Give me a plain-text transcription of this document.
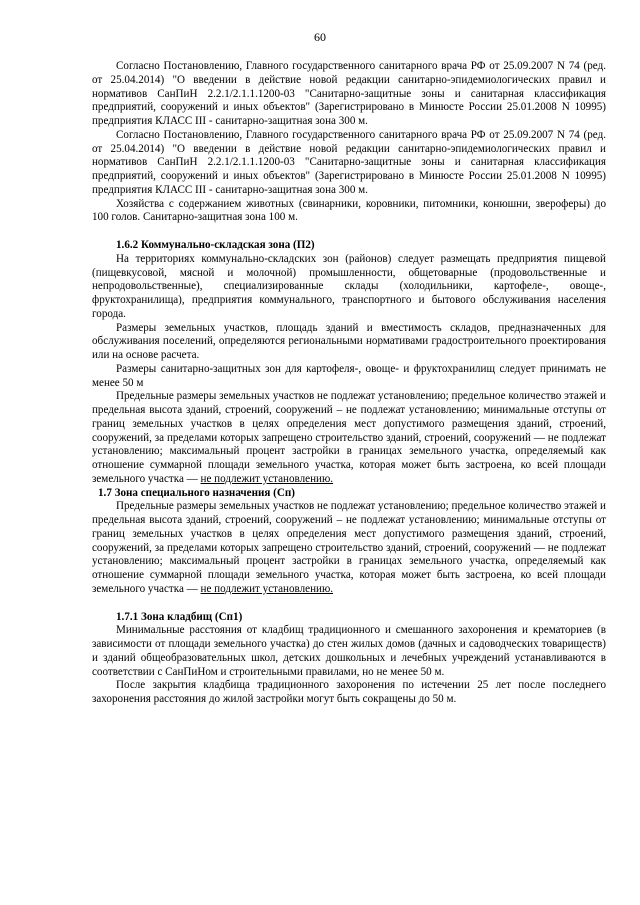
60

Согласно Постановлению, Главного государственного санитарного врача РФ от 25.09.2007 N 74 (ред. от 25.04.2014) "О введении в действие новой редакции санитарно-эпидемиологических правил и нормативов СанПиН 2.2.1/2.1.1.1200-03 "Санитарно-защитные зоны и санитарная классификация предприятий, сооружений и иных объектов" (Зарегистрировано в Минюсте России 25.01.2008 N 10995) предприятия КЛАСС III - санитарно-защитная зона 300 м.

Согласно Постановлению, Главного государственного санитарного врача РФ от 25.09.2007 N 74 (ред. от 25.04.2014) "О введении в действие новой редакции санитарно-эпидемиологических правил и нормативов СанПиН 2.2.1/2.1.1.1200-03 "Санитарно-защитные зоны и санитарная классификация предприятий, сооружений и иных объектов" (Зарегистрировано в Минюсте России 25.01.2008 N 10995) предприятия КЛАСС III - санитарно-защитная зона 300 м.

Хозяйства с содержанием животных (свинарники, коровники, питомники, конюшни, звероферы) до 100 голов. Санитарно-защитная зона 100 м.

1.6.2 Коммунально-складская зона (П2)

На территориях коммунально-складских зон (районов) следует размещать предприятия пищевой (пищевкусовой, мясной и молочной) промышленности, общетоварные (продовольственные и непродовольственные), специализированные склады (холодильники, картофеле-, овоще-, фруктохранилища), предприятия коммунального, транспортного и бытового обслуживания населения города.

Размеры земельных участков, площадь зданий и вместимость складов, предназначенных для обслуживания поселений, определяются региональными нормативами градостроительного проектирования или на основе расчета.

Размеры санитарно-защитных зон для картофеля-, овоще- и фруктохранилищ следует принимать не менее 50 м

Предельные размеры земельных участков не подлежат установлению; предельное количество этажей и предельная высота зданий, строений, сооружений – не подлежат установлению; минимальные отступы от границ земельных участков в целях определения мест допустимого размещения зданий, строений, сооружений, за пределами которых запрещено строительство зданий, строений, сооружений — не подлежат установлению; максимальный процент застройки в границах земельного участка, определяемый как отношение суммарной площади земельного участка, которая может быть застроена, ко всей площади земельного участка — не подлежит установлению.

1.7 Зона специального назначения (Сп)

Предельные размеры земельных участков не подлежат установлению; предельное количество этажей и предельная высота зданий, строений, сооружений – не подлежат установлению; минимальные отступы от границ земельных участков в целях определения мест допустимого размещения зданий, строений, сооружений, за пределами которых запрещено строительство зданий, строений, сооружений — не подлежат установлению; максимальный процент застройки в границах земельного участка, определяемый как отношение суммарной площади земельного участка, которая может быть застроена, ко всей площади земельного участка — не подлежит установлению.

1.7.1 Зона кладбищ (Сп1)

Минимальные расстояния от кладбищ традиционного и смешанного захоронения и крематориев (в зависимости от площади земельного участка) до стен жилых домов (дачных и садоводческих товариществ) и зданий общеобразовательных школ, детских дошкольных и лечебных учреждений устанавливаются в соответствии с СанПиНом и строительными правилами, но не менее 50 м.

После закрытия кладбища традиционного захоронения по истечении 25 лет после последнего захоронения расстояния до жилой застройки могут быть сокращены до 50 м.
